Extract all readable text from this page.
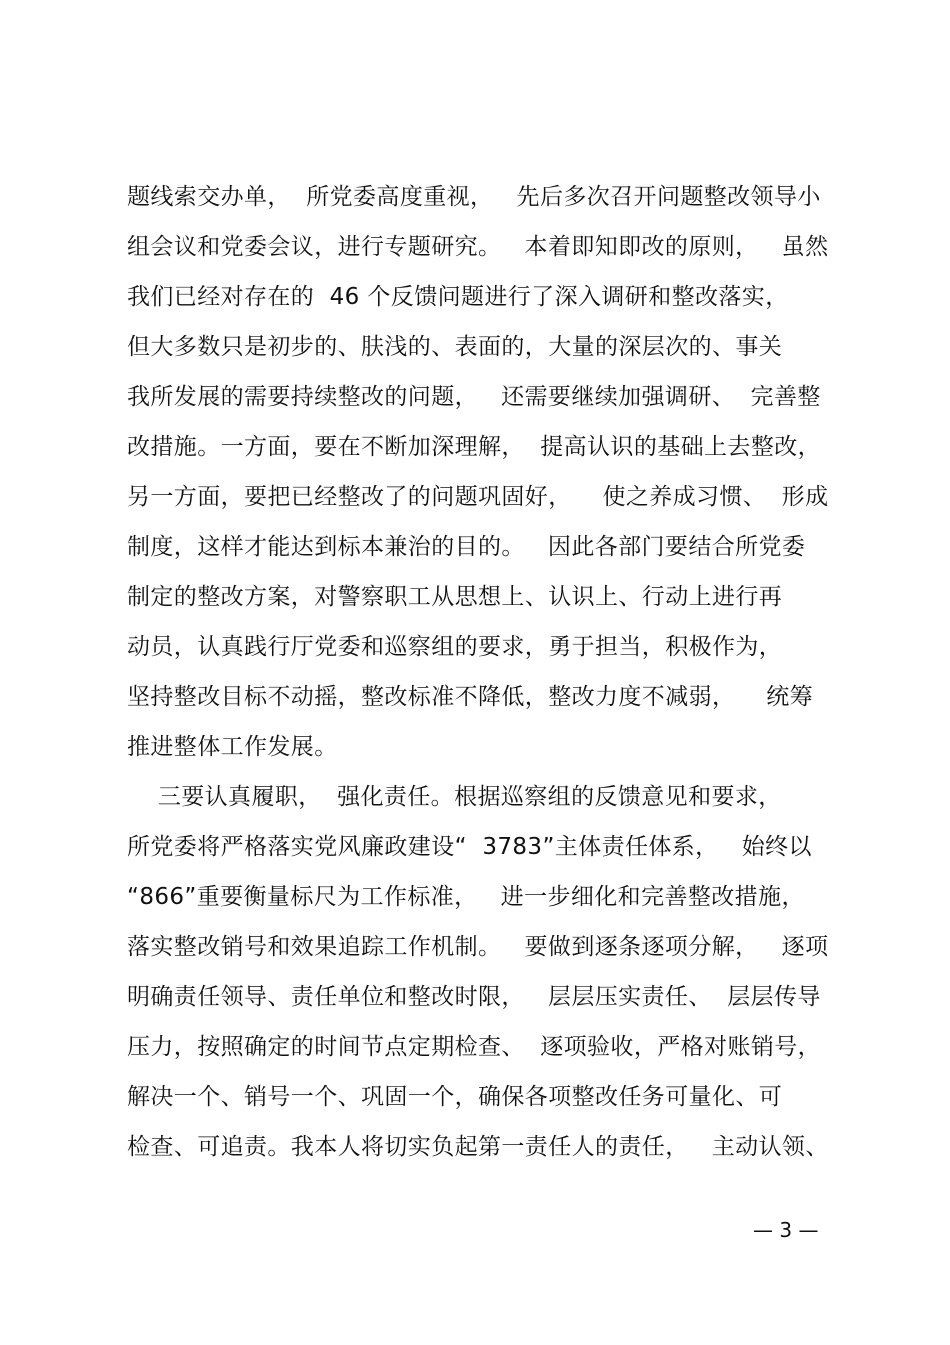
题线索交办单，  所党委高度重视，   先后多次召开问题整改领导小
组会议和党委会议，进行专题研究。   本着即知即改的原则，   虽然
我们已经对存在的  46 个反馈问题进行了深入调研和整改落实，
但大多数只是初步的、肤浅的、表面的，大量的深层次的、事关
我所发展的需要持续整改的问题，   还需要继续加强调研、  完善整
改措施。一方面，要在不断加深理解，  提高认识的基础上去整改，
另一方面，要把已经整改了的问题巩固好，    使之养成习惯、  形成
制度，这样才能达到标本兼治的目的。   因此各部门要结合所党委
制定的整改方案，对警察职工从思想上、认识上、行动上进行再
动员，认真践行厅党委和巡察组的要求，勇于担当，积极作为，
坚持整改目标不动摇，整改标准不降低，整改力度不减弱，    统筹
推进整体工作发展。
三要认真履职，  强化责任。根据巡察组的反馈意见和要求，
所党委将严格落实党风廉政建设“  3783”主体责任体系，   始终以
“866”重要衡量标尺为工作标准，   进一步细化和完善整改措施，
落实整改销号和效果追踪工作机制。   要做到逐条逐项分解，   逐项
明确责任领导、责任单位和整改时限，   层层压实责任、  层层传导
压力，按照确定的时间节点定期检查、  逐项验收，严格对账销号，
解决一个、销号一个、巩固一个，确保各项整改任务可量化、可
检查、可追责。我本人将切实负起第一责任人的责任，   主动认领、
— 3 —
